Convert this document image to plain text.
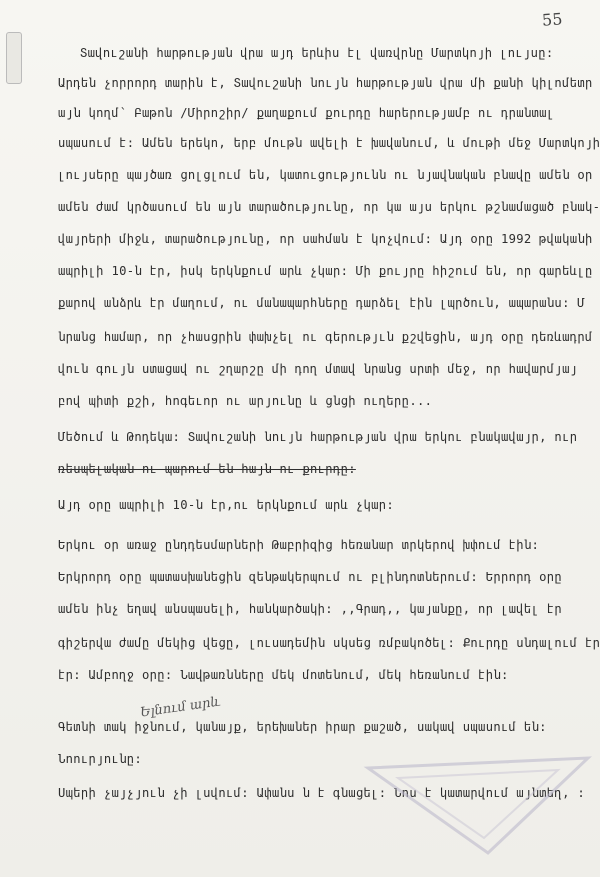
55
Տավուշանի հարթության վրա այդ երևիս էլ վառվրնը Մարտկոյի լույսը:
Արդեն չորրորդ տարին է, Տավուշանի նույն հարթության վրա մի քանի կիլոմետր
այն կողմ՝ Բաթոն /Միրոշիր/ քաղաքում քուրդը հարերությամբ ու դրանտալ
սպասում է: Ամեն երեկո, երբ մութն ավելի է խավանում, և մութի մեջ Մարտկոյի
լույսերը պայծառ ցոլցլում են, կատուցությունն ու նյավնական բնավը ամեն օր
ամեն ժամ կրծասում են այն տարածությունը, որ կա այս երկու թշնամացած բնակ-
վայրերի միջև, տարածությունը, որ սահման է կոչվում: Այդ օրը 1992 թվականի
ապրիլի 10-ն էր, իսկ երկնքում արև չկար: Մի քույրը հիշում են, որ գարեևլը
քարով անձրև էր մաղում, ու մանապարհները դարձել էին լպրծուն, ապարանս: Մ
նրանց համար, որ չհասցրին փախչել ու գերությւն քշվեցին, այդ օրը դեռևադրմ
վուն գույն ստացավ ու շղարշը մի դող մտավ նրանց սրտի մեջ, որ հավարմյայ
բով պիտի քշի, հոգեւոր ու արյունը և ցնցի ուղերը...
Մեծում և Թոդեկա: Տավուշանի նույն հարթության վրա երկու բնակավայր, ուր
ռեսպելական ու պարում են հայն ու քուրդը:
Այդ օրը ապրիլի 10-ն էր,ու երկնքում արև չկար:
Երկու օր առաջ ընդդեսմարների Թաբրիզից հեռանար տրկերով խփում էին:
Երկրորդ օրը պատասխանեցին զենթակերպում ու բլինդոտներում: Երրորդ օրը
ամեն ինչ եղավ անսպասելի, հանկարծակի: ,,Գրադ,, կայանքը, որ լավել էր
գիշերվա ժամը մեկից վեցը, լուսադեմին սկսեց ռմբակոծել: Քուրդը սնդալում էր
էր: Ամբողջ օրը: Նավթառնները մեկ մոտենում, մեկ հեռանում էին:
Գետնի տակ իջնում, կանայք, երեխաներ իրար քաշած, սակավ սպասում են:
Նոուրյունը:
Սպերի չայչյուն չի լսվում: Ափանս ն է գնացել: Նոս է կատարվում այնտեղ, :
Ելնում արև
